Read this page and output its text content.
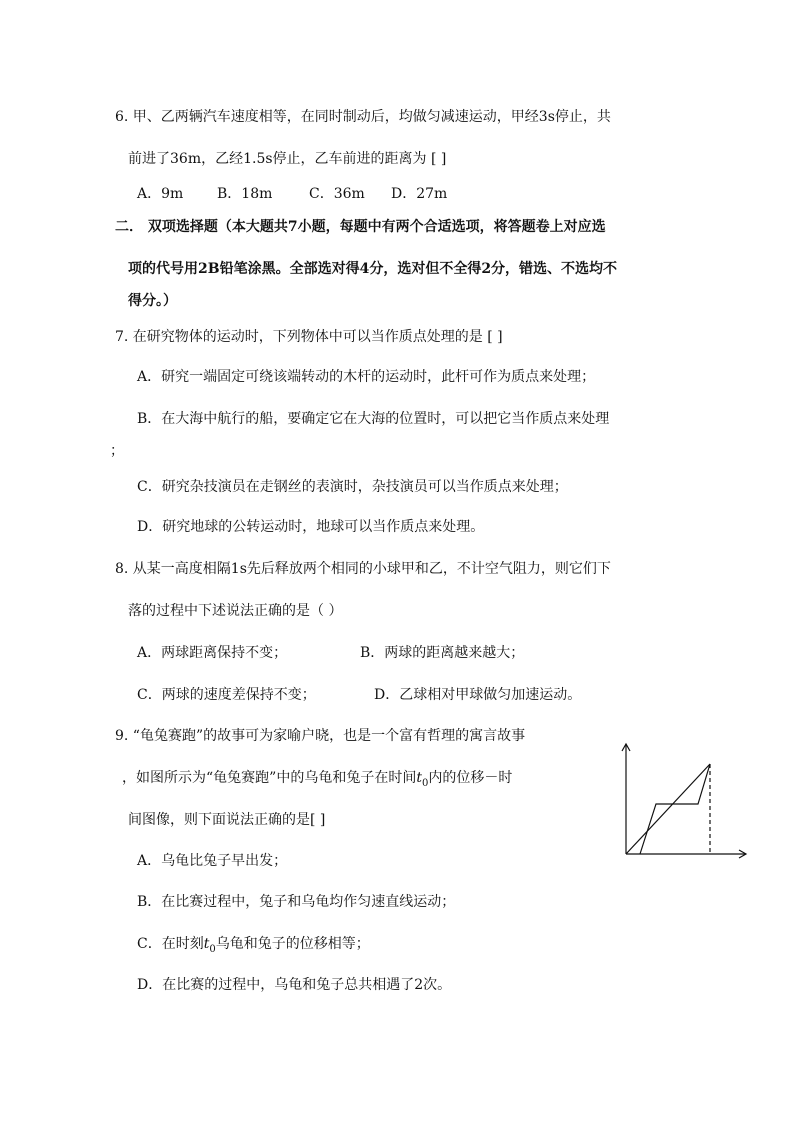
6. 甲、乙两辆汽车速度相等，在同时制动后，均做匀减速运动，甲经3s停止，共
前进了36m，乙经1.5s停止，乙车前进的距离为 [ ]
A．9m B．18m	C．36m D．27m
二． 双项选择题（本大题共7小题，每题中有两个合适选项，将答题卷上对应选
项的代号用2B铅笔涂黑。全部选对得4分，选对但不全得2分，错选、不选均不
得分。）
7. 在研究物体的运动时，下列物体中可以当作质点处理的是 [ ]
A．研究一端固定可绕该端转动的木杆的运动时，此杆可作为质点来处理；
B．在大海中航行的船，要确定它在大海的位置时，可以把它当作质点来处理
；
C．研究杂技演员在走钢丝的表演时，杂技演员可以当作质点来处理；
D．研究地球的公转运动时，地球可以当作质点来处理。
8. 从某一高度相隔1s先后释放两个相同的小球甲和乙，不计空气阻力，则它们下
落的过程中下述说法正确的是（ ）
A．两球距离保持不变；	B．两球的距离越来越大；
C．两球的速度差保持不变；	D．乙球相对甲球做匀加速运动。
9. “龟兔赛跑”的故事可为家喻户晓，也是一个富有哲理的寓言故事
，如图所示为“龟兔赛跑”中的乌龟和兔子在时间$t_0$内的位移－时
间图像，则下面说法正确的是[ ]
A．乌龟比兔子早出发；
B．在比赛过程中，兔子和乌龟均作匀速直线运动；
C．在时刻$t_0$乌龟和兔子的位移相等；
D．在比赛的过程中，乌龟和兔子总共相遇了2次。
